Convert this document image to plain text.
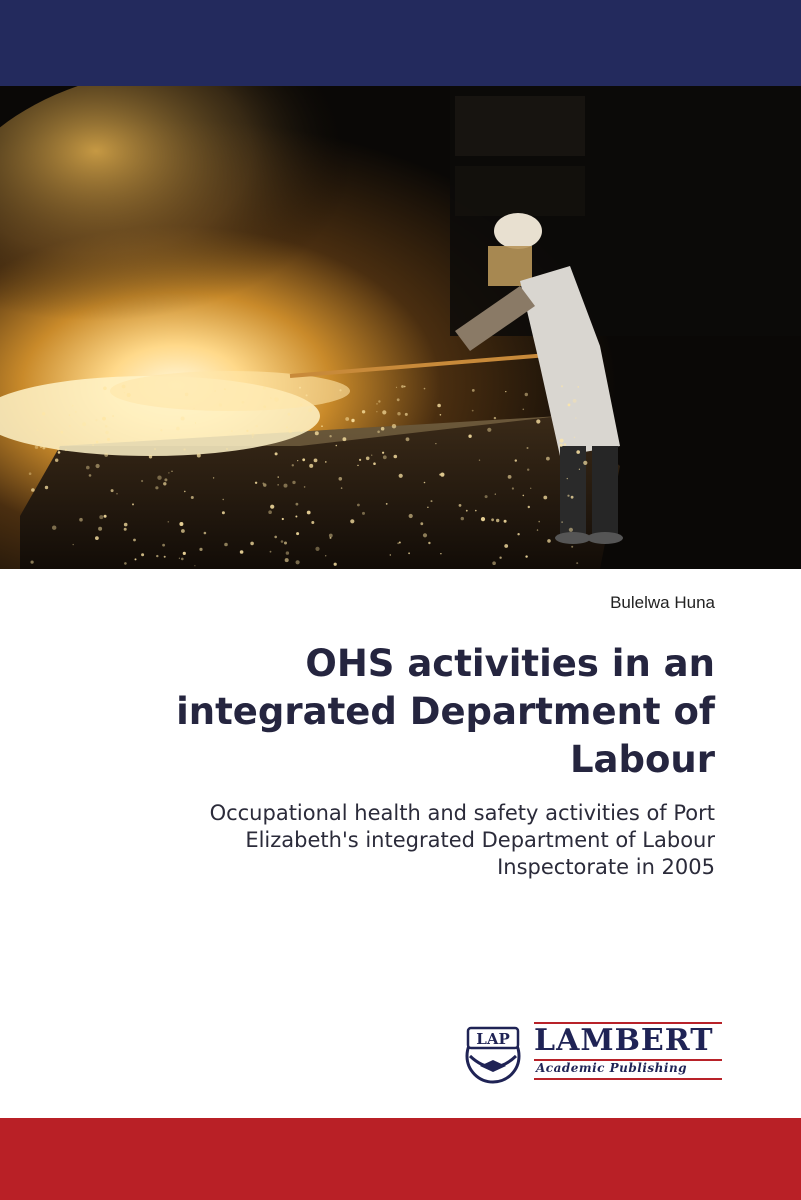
Bulelwa Huna
OHS activities in an
integrated Department of
Labour

Occupational health and safety activities of Port
Elizabeth's integrated Department of Labour
Inspectorate in 2005

LAP LAMBERT
Academic Publishing
